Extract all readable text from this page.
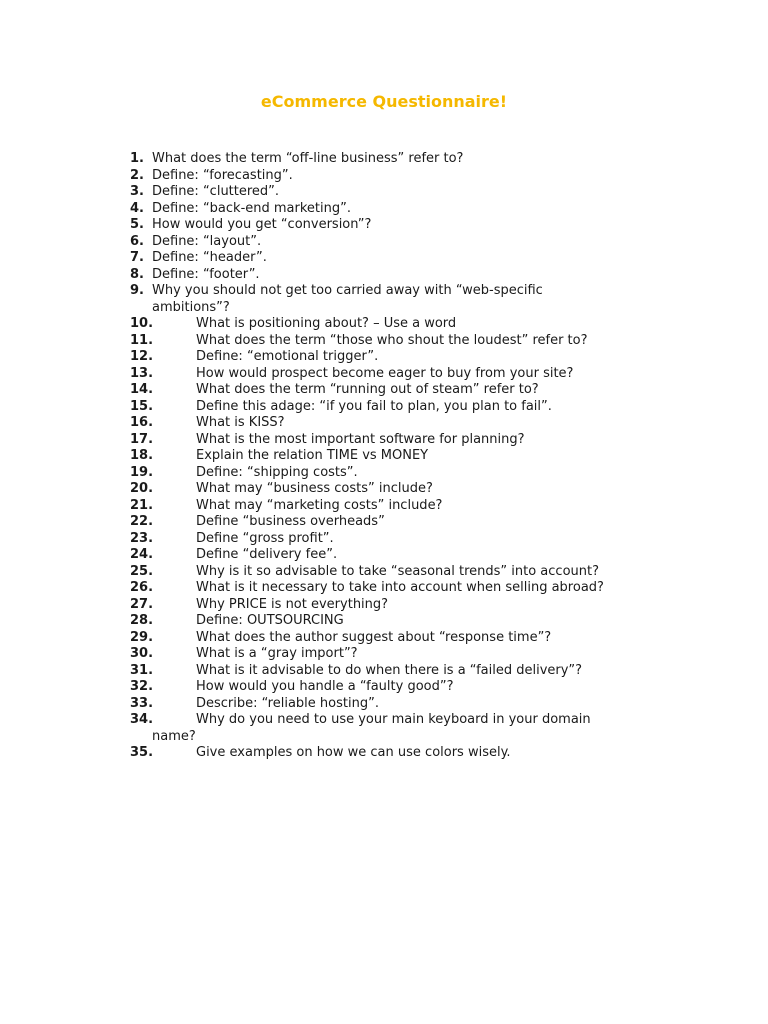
eCommerce Questionnaire!
1. What does the term “off-line business” refer to?
2. Define: “forecasting”.
3. Define: “cluttered”.
4. Define: “back-end marketing”.
5. How would you get “conversion”?
6. Define: “layout”.
7. Define: “header”.
8. Define: “footer”.
9. Why you should not get too carried away with “web-specific ambitions”?
10.	What is positioning about? – Use a word
11.	What does the term “those who shout the loudest” refer to?
12.	Define: “emotional trigger”.
13.	How would prospect become eager to buy from your site?
14.	What does the term “running out of steam” refer to?
15.	Define this adage: “if you fail to plan, you plan to fail”.
16.	What is KISS?
17.	What is the most important software for planning?
18.	Explain the relation TIME vs MONEY
19.	Define: “shipping costs”.
20.	What may “business costs” include?
21.	What may “marketing costs” include?
22.	Define “business overheads”
23.	Define “gross profit”.
24.	Define “delivery fee”.
25.	Why is it so advisable to take “seasonal trends” into account?
26.	What is it necessary to take into account when selling abroad?
27.	Why PRICE is not everything?
28.	Define: OUTSOURCING
29.	What does the author suggest about “response time”?
30.	What is a “gray import”?
31.	What is it advisable to do when there is a “failed delivery”?
32.	How would you handle a “faulty good”?
33.	Describe: “reliable hosting”.
34.	Why do you need to use your main keyboard in your domain name?
35.	Give examples on how we can use colors wisely.
